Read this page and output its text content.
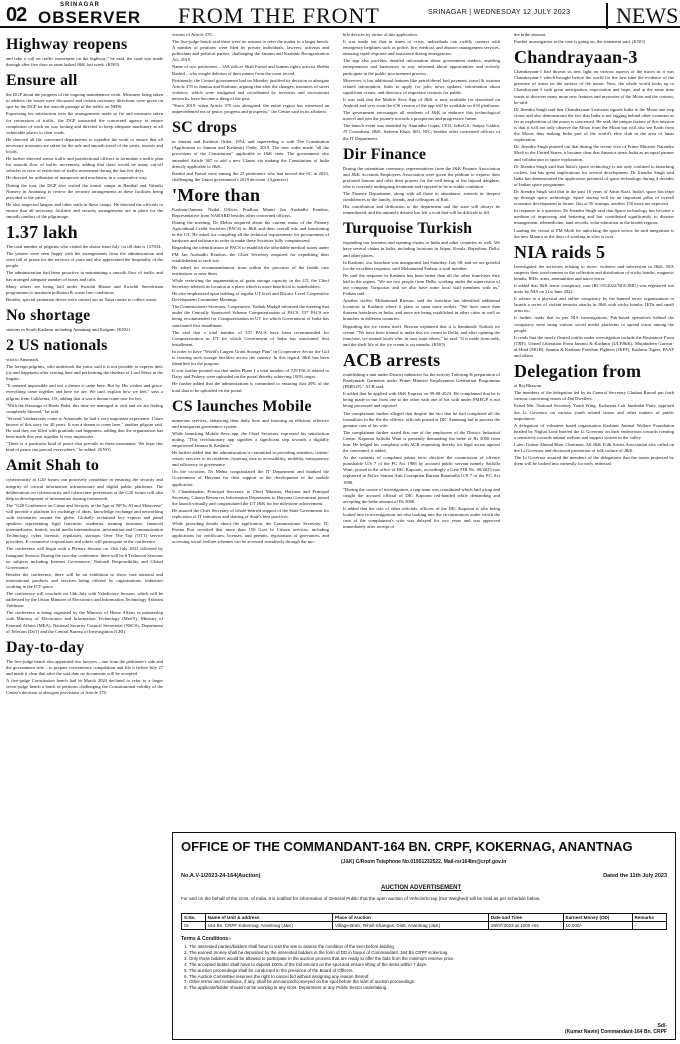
02	SRINAGAR
OBSERVER FROM THE FRONT	SRINAGAR | WEDNESDAY 12 JULY 2023	NEWS
Highway reopens

and take a call on traffic movement on the highway," he said, the road was made through after five days as rains lashed J&K last week. (KNO)

Ensure all

the DGP about the progress of the ongoing maintenance work. Measures being taken to address the issues were discussed and certain necessary directions were given on spot by the DGP for the smooth passage of the traffic on NHW.

Expressing his satisfaction over the arrangements made so far and measures taken for restoration of traffic, the DGP instructed the concerned agency to ensure completion of work on war footing and directed to keep adequate machinery at all vulnerable places to clear roads.

He directed all the concerned departments to expedite the work to ensure that all necessary measures are taken for the safe and smooth travel of the yatris, tourists and locals.

He further directed senior traffic and jurisdictional officers to formulate a traffic plan for smooth flow of traffic movement, adding that there would be many cut-off vehicles in view of restriction of traffic movement during the last few days.

He directed for utilization of manpower and machinery in a cooperative way.

During the tour, the DGP also visited the transit camps in Banihal and Valmiki Nursery in Anantnag to review the security arrangements at these facilities being provided to the yatris.

He also inspected langars and other stalls in these camps. He directed the officials to ensure that all necessary facilities and security arrangements are in place for the smooth conduct of the pilgrimage.

1.37 lakh

The total number of pilgrims who visited the shrine from July 1st till date is 137834.

The yatrees were seen happy with the arrangements from the administration and were full of praise for the services of yatra and also appreciated the hospitality of the people.

The administration had been proactive in maintaining a smooth flow of traffic and has arranged adequate number of buses and cabs.

Many others are being laid under Swachh Bharat and Swachh Survekshan programmes to maintain pollution & waste free conditions.

Besides, special sanitation drives were carried out on Yatra routes to collect waste.

No shortage

stations in South Kashmir including Anantnag and Kulgam. (KNO)

2 US nationals

visit to Amarnath.

The foreign pilgrims, who undertook the yatra, said it is not possible to express their joy and happiness after visiting here and performing the darshan of Lord Shiva in the lingam.

"It seemed impossible and not a dream it came here. But by His wishes and grace, everything came together and here we are. We can't explain how we feel," says a pilgrim from California, US, adding that it was a dream come true for her.

"With the blessings of Bhole Baba, this time we managed to visit and we are feeling completely blessed," he said.

"Several Vaishnavaits come to Amarnath; he had a very important experience. I have known of this story for 40 years. It was a dream to come here," another pilgrim said. He said they are filled with gratitude and happiness, adding that the organisation has been made this year together is very impressive.

"There is a particular kind of peace that prevails in these mountains. We hope this kind of peace can prevail everywhere," he added. (KNO)

Amit Shah to

cybersecurity at G20 forum can positively contribute in ensuring the security and integrity of critical information infrastructure and digital public platforms. The deliberations on cybersecurity and cybercrime prevention at the G20 forum will also help in development of information sharing framework.

The "G20 Conference on Crime and Security in the Age of NFTs, AI and Metaverse" will provide a platform for exchange of ideas, knowledge exchange and networking with visionaries around the globe. Globally acclaimed key experts and panel speakers representing legal fraternity, academia, training institutes, financial intermediaries, fintech, social media intermediaries, information and Communication Technology, cyber forensic, regulators, startups, Over The Top (OTT) service providers, E-commerce corporations and others will participate in the conference.

The conference will begin with a Plenary Session on 13th July 2023 followed by Inaugural Session. During the two-day conference, there will be 6 Technical Sessions on subjects including Internet Governance, National Responsibility and Global Governance.

Besides the conference, there will be an exhibition to show case national and international products and services being offered by organisations, industries working in the ICT space.

The conference will conclude on 14th July with Valedictory Session, which will be addressed by the Union Minister of Electronics and Information Technology Ashwini Vaishnaw.

The conference is being organised by the Ministry of Home Affairs in partnership with Ministry of Electronics and Information Technology (MeitY), Ministry of External Affairs (MEA), National Security Council Secretariat (NSCS), Department of Telecom (DoT) and the Central Bureau of Investigation (CBI).

Day-to-day

The five-judge bench also appointed two lawyers – one from the petitioner's side and the government side – to prepare convenience compilation and file it before July 27 and made it clear that after the said date no documents will be accepted.

A five-judge Constitution bench had in March 2020 declined to refer to a larger seven-judge bench a batch of petitions challenging the Constitutional validity of the Centre's decision to abrogate provisions of Article 370.

visions of Article 370.

The five-judge bench said there were no reasons to refer the matter to a larger bench. A number of petitions were filed by private individuals, lawyers, activists and politicians and political parties, challenging the Jammu and Kashmir Reorganisation Act, 2019.

Name of two petitioners – IAS officer Shah Faesal and human rights activist Shehla Rashid – who sought deletion of their names from the court record.

Pertinently, the Central government had on Monday justified its decision to abrogate Article 370 in Jammu and Kashmir, arguing that after the changes, instances of street violence, which were instigated and coordinated by terrorists and secessionist networks, have become a thing of the past.

"Since 2019, when Article 370 was abrogated, the entire region has witnessed an unprecedented era of peace, progress and prosperity," the Centre said in its affidavit.

SC drops

in Jammu and Kashmir Order, 1954, and superseding it with The Constitution (Application to Jammu and Kashmir) Order, 2019. The new order made "all the provisions of the Constitution" applicable to J&K state. The government also amended Article 367 to add a new Clause via making the Constitution of India directly applicable to J&K.

Rashid and Faesal were among the 23 petitioners who had moved the SC in 2023, challenging the Union government's 2019 decision. (Agencies)

'More than

Kashmir/Jammu, Nodal Officer, Pradhan Mantri Jan Aushadhi Kendras, Representative from NABARD besides other concerned officers.

During the meeting, Dr Mehta enquired about the current status of the Primary Agricultural Credit Societies (PACS) in J&K and their overall role and functioning in the UT. He asked for compiling all the technical requirements for procurement of hardware and software in order to make these Societies fully computerized.

Regarding the identification of PACS to establish the affordable medical stores under PM Jan Aushadhi Kendras, the Chief Secretary enquired for expediting their establishment at each site.

He asked for recommendations from within the precincts of the health care institutions or near them.

While reviewing the augmentation of grain storage capacity in the UT, the Chief Secretary advised its location at a place which is more beneficial to stakeholders.

He also emphasized upon holding of regular UT level and District Level Cooperative Development Committee Meetings.

The Commissioner Secretary, Cooperative, Yashak Mudgil informed the meeting that under the Centrally Sponsored Scheme Computerization of PACS, 537 PACS are being recommended for Computerisation in UT for which Government of India has sanctioned first installment.

The said that a total number of 537 PACS have been recommended for Computerization in UT for which Government of India has sanctioned first installment.

In order to have "World's Largest Grain Storage Plan" in Cooperative Sector the GoI is creating such storage facilities across the country. In this regard, J&K has been identified for the purpose.

It was further pointed out that under Phase I a total number of 729 PACS related to Dairy and Fishery were uploaded on the portal thereby achieving 100% target.

He further added that the administration is committed to ensuring that 20% of the total data to be uploaded on the portal.

CS launches Mobile

numerous services, enhancing their daily lives and fostering an efficient, effective and transparent governance system.

While launching Mobile Seva app, the Chief Secretary expressed his satisfaction noting, "This revolutionary app signifies a significant step towards a digitally empowered Jammu & Kashmir."

He further added that the administration is committed to providing seamless, citizen-centric services to its residents, fostering ease in accessibility, mobility, transparency and efficiency in governance.

On the occasion, Dr Mehta congratulated the IT Department and thanked the Government of Haryana for their support in the development of the mobile application.

V. Chandrasekar, Principal Secretary to Chief Minister, Haryana and Principal Secretary, Citizen Resources Information Department to Haryana Government joined the launch virtually and congratulated the UT J&K for the milestone achievement.

He assured the Chief Secretary of whole-hearted support of the State Government for replication of IT initiatives and sharing of State's best practices.

While providing details about the application, the Commissioner Secretary, IT, Prerna Puri revealed that more than 150 Govt to Citizen services, including applications for certificates, licenses, and permits, registration of grievances, and accessing social welfare schemes can be accessed seamlessly through the mo-

bile devices by virtue of this application.

It was made out that in times of crisis, individuals can swiftly connect with emergency helplines such as police, fire, medical, and disaster management services, ensuring rapid response and assistance during emergencies.

The app also provides detailed information about government tenders, enabling entrepreneurs and businesses to stay informed about opportunities and actively participate in the public procurement process.

Moreover, it has additional features like petrol/diesel fuel payment, travel & tourism related information, links to apply for jobs, news updates, information about significant events, and directory of important contacts for public.

It was said that the Mobile Seva App of J&K is now available for download on Android and very soon the iOS version of the app will be available on iOS platforms.

The government encourages all residents of J&K to embrace this technological marvel and join the journey towards a prosperous and progressive future.

The launch event was attended by Anuradha Gupta, CEO, JaKeGA; Sanjay Gahlot, JT Consultant, J&K; Sadeem Khan, SIO, NIC; besides other concerned officers of the IT Department.

Dir Finance

During the orientation ceremony, representatives from the J&K Finance Association and J&K Accounts Employees Association were given the podium to express their profound honour and offer their prayers for the well-being of the injured daughter, who is currently undergoing treatment and reported to be in stable condition.

The Finance Department, along with all those in attendance, extends its deepest condolences to the family, friends, and colleagues of Rafi.

His contribution and dedication to the department and the state will always be remembered, and his untimely demise has left a void that will be difficult to fill.

Turquoise Turkish

expanding our business and opening chains in India and other countries as well. We have several chains in India, including locations in Jaipur, Kerala, Rajasthan, Delhi, and other places.

In Kashmir, our franchise was inaugurated last Saturday, July 08, and we are grateful for the excellent response, said Mohammad Farhan, a staff member.

He said the response in Kashmir has been better than all the other franchises they had in the region. "We are two people from Delhi, working under the supervision of our company Turquoise, and we also have some local staff members with us," Farhan said.

Another staffer, Mohammad Rizwan, said the franchise has identified additional locations in Kashmir where it plans to open more outlets. "We have more than thirteen franchises in India, and more are being established in other cities as well as branches in different countries.

Regarding the ice cream itself, Rizwan explained that it is handmade Turkish ice cream. "We have been trained to make this ice cream in Delhi, and after opening the franchise, we trained locals who, in turn, train others," he said. "It is made from milk, and the shelf life of the ice cream is six months. (KNO)

ACB arrests

establishing a unit under District industries for the activity Tailoring & preparation of Readymade Garments under Prime Minister Employment Generation Programme (PMEGP)," ACB said.

It added that he applied with J&K Express on 09-08-2023. He complained that he is being made to run from one to the other with one of his with under PMEGP is not being processed and reported.

The complainant further alleged that despite the fact that he had completed all the formalities in the file the officers, officials posted at DIC Anantnag fail to process the genuine case of his wife.

The complainant further stated that one of the employees of the District Industrial Centre, Kapoom Saifulla Wani is presently demanding the bribe of Rs 5000 from him. He lodged his complaint with ACB requesting thereby for legal action against the concerned, it added.

As the contents of complaint prima facie disclose the commission of offence punishable U/S 7 of the PC Act 1988 by accused public servant namely Saifulla Wani, posted in the office of DIC Kapoom, accordingly a Case FIR No. 08/2023 was registered at Police Station Anti Corruption Bureau Baramulla U/S 7 of the P.C Act 1988.

"During the course of investigation, a trap team was constituted which laid a trap and caught the accused official of DIC Kapoom red-handed while demanding and accepting the bribe amount of Rs 5000.

It added that the role of other officials, officers of the DIC Kapoom is also being looked into in investigations are also looking into the circumstances under which the case of the complainant's wife was delayed for two years and was approved immediately after receipt of

the bribe amount.

Further investigation in the case is going on, the statement said. (KNO)

Chandrayaan-3

Chandrayaan-1 had thrown us new light on various aspects of the moon as it was Chandrayaan-1 which brought before the world for the first time the evidence of the presence of water on the surface of the moon. Now, the whole world looks up to Chandrayaan-3 with great anticipation, expectation and hope, and at the same time wants to discover many more new features and mysteries of the Moon and the cosmos, he said.

Dr Jitendra Singh said that Chandrayaan-3 mission signals India to the Moon one step closer and also demonstrates the fact that India is not lagging behind other countries as far as exploration of the moon is concerned. He said, the unique feature of this mission is that it will not only observe the Moon from the Moon but will also see Earth from the Moon, thus making India part of the world's elite club in the area of lunar exploration.

Dr. Jitendra Singh pointed out that during the recent visit of Prime Minister Narendra Modi to the United States, it became clear that America treats India as an equal partner and collaborator in space exploration.

Dr Jitendra Singh said that India's space technology is not only confined to launching rockets, but has great implications for several development. Dr Jitendra Singh said India has demonstrated the application potential of space technology during 4 decades of Indian space programme.

Dr Jitendra Singh said that in the past 10 years of Amrit Kaal, India's space has leapt up through space technology. Space startup will be an important pillar of overall economic development in future. Out of 56 startups, another 150 more are expected.

In response to a question, Dr Jitendra Singh said that Space technology has become a medium of improving and bettering and has contributed significantly to disaster management, telemedicine, land records, solar education in the border regions.

Lauding the vision of PM Modi for unlocking the space sector, he said integration is the new Mantra as the days of working in silos is over.

NIA raids 5

Investigated the activities relating to terror, violence and subversion in J&K, NIA suspects their involvement in the collection and distribution of sticky bombs, magnetic bombs, IEDs, arms, ammunition and narco-terror.

It added that J&K terror conspiracy case (RC-05/2022/NIA/JMU) was registered suo moto by NIA on 21st June 2022.

It relates to a physical and online conspiracy by the banned terror organizations to launch a series of violent terrorist attacks in J&K with sticky bombs, IEDs and small arms etc.

It further reads that in pre NIA investigations, Pak-based operatives behind the conspiracy were using various social media platforms to spread terror among the people.

It reads that the newly floated outfits under investigation include the Resistance Front (TRF), United Liberation Front Jammu & Kashmir (ULFJ&K), Mujahideen Gazwat-ul-Hind (MGH), Jammu & Kashmir Freedom Fighters (JKFF), Kashmir Tigers, PAAF and others.

Delegation from

at Raj Bhawan.

The members of the delegation led by its General Secretary Ghulam Rasool put forth various concerning issues of Dal Dwellers.

Faisal Mir, National Secretary Youth Wing, Kothayna Lok Janshakti Party, apprised the Lt Governor on various youth related issues and other matters of public importance.

A delegation of volunteer based organisation Kashmir Animal Welfare Foundation headed by Nighat Lone briefed the Lt Governor on their endeavours towards creating a sensitivity towards animal welfare and support system in the valley.

Later, Gulzar Ahmad Bhat, Chairman, All J&K Folk Artists Association also called on the Lt Governor and discussed promotion of folk culture of J&K.

The Lt Governor assured the members of the delegations that the issues projected by them will be looked into earnestly for early redressal.

OFFICE OF THE COMMANDANT-164 BN. CRPF, KOKERNAG, ANANTNAG
(J&K) C/Room Telephone No.01951232522, Mail-rsr164bn@crpf.gov.in
No.A.V-1/2023-24-164(Auction)	Dated the 11th July 2023
AUCTION ADVERTISEMENT
For and on the behalf of the Govt. of India, it is notified for information of General Public that the open auction of Vehicle/Scrap (Not Weighed) will be held as per schedule below.
S.No.	Name of Unit & address	Place of Auction	Date and Time	Earnest Money (OD)	Remarks
01	164 Bn. CRPF Kokernag, Anantnag (J&K)	Village-Brah, Tehsil-Shangus, Distt. Anantnag (J&K)	19/07/2023 at 1000 Hrs	10,000/-	-
Terms & Conditions:-
1. The interested parties/bidders shall have to visit the site to assess the condition of the item before bidding.
2. The earnest money shall be deposited by the interested bidders in the form of DD in favour of Commandant, 164 Bn CRPF Kokernag.
3. Only those bidders would be allowed to participate in the auction process that are ready to offer the bids from the minimum reserve price.
4. The accepted bidder shall have to deposit 100% of the bid amount on the spot and ensure lifting of the items within 7 days.
5. The auction proceedings shall be conducted in the presence of the Board of Officers.
6. The Auction Committee reserves the right to cancel bid without assigning any reason thereof.
7. Other terms and conditions, if any, shall be announced/conveyed on the spot before the start of auction proceedings.
8. The applicant/bidder should not be working in any Govt. Department or any Public Sector undertaking.
Sd/-
(Kumar Navin) Commandant-164 Bn. CRPF
